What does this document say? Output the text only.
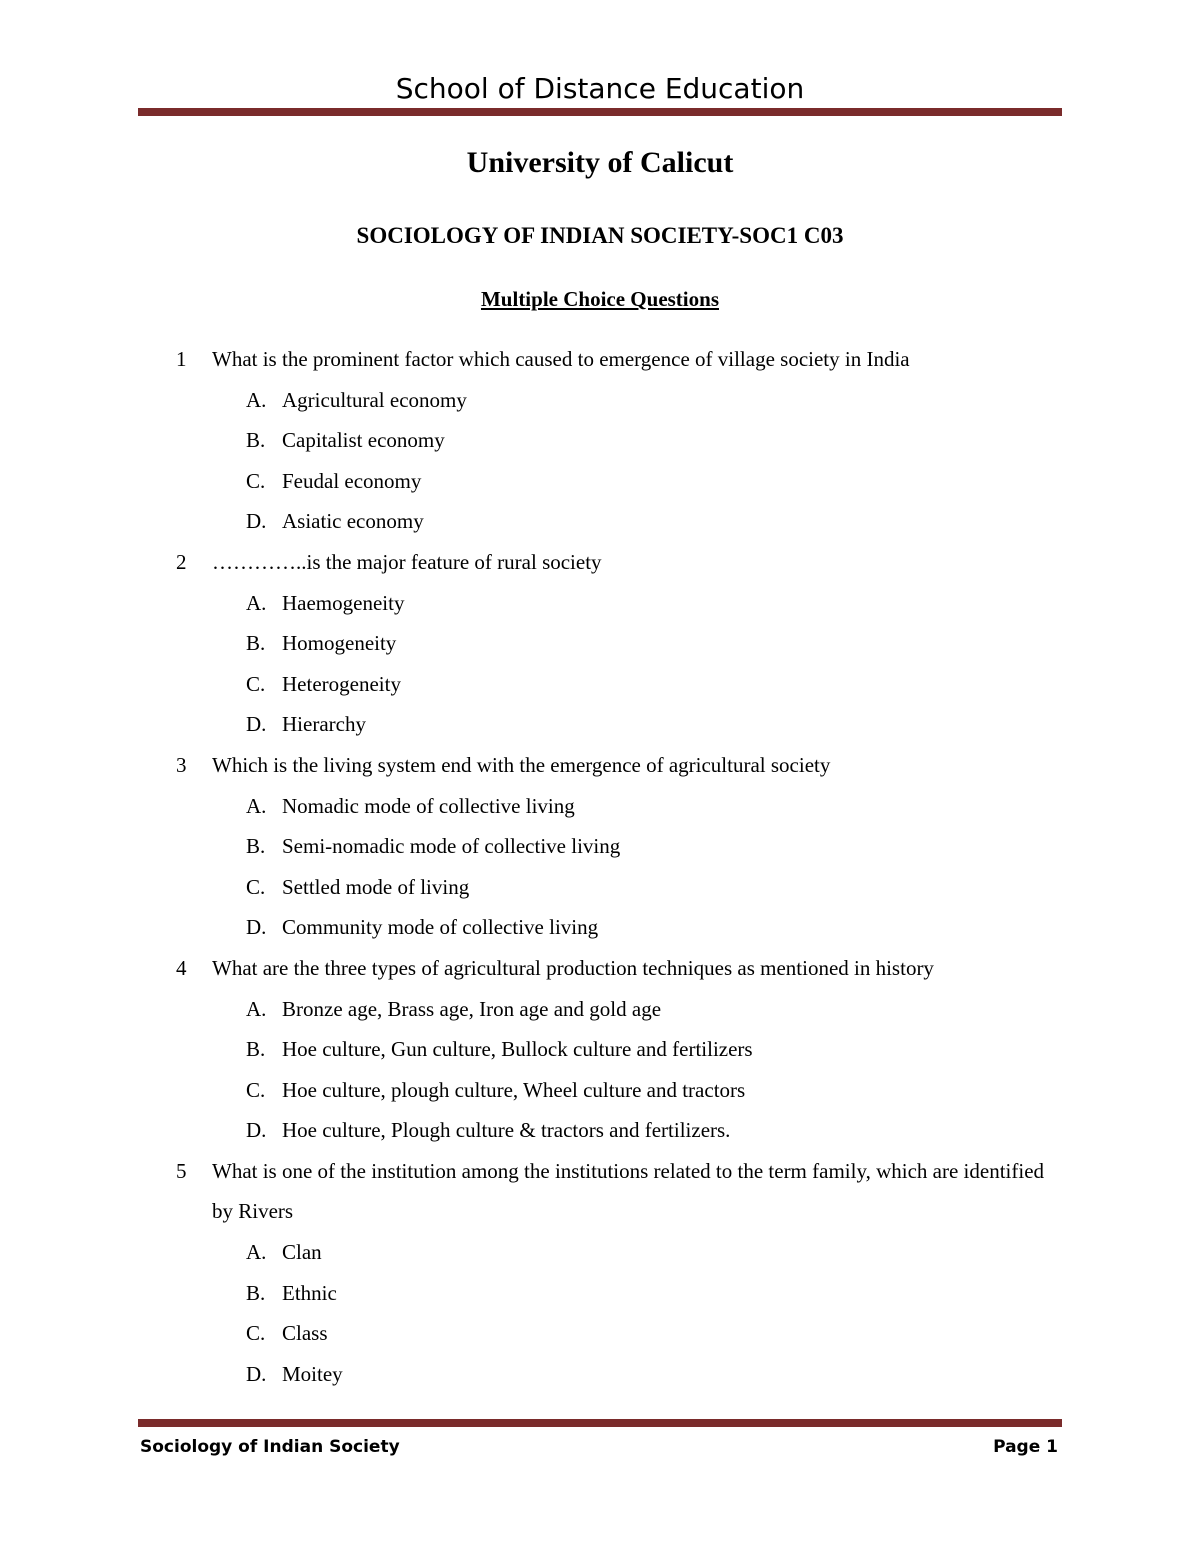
School of Distance Education
University of Calicut
SOCIOLOGY OF INDIAN SOCIETY-SOC1 C03
Multiple Choice Questions
1 What is the prominent factor which caused to emergence of village society in India
A. Agricultural economy
B. Capitalist economy
C. Feudal economy
D. Asiatic economy
2 …………..is the major feature of rural society
A. Haemogeneity
B. Homogeneity
C. Heterogeneity
D. Hierarchy
3 Which is the living system end with the emergence of agricultural society
A. Nomadic mode of collective living
B. Semi-nomadic mode of collective living
C. Settled mode of living
D. Community mode of collective living
4 What are the three types of agricultural production techniques as mentioned in history
A. Bronze age, Brass age, Iron age and gold age
B. Hoe culture, Gun culture, Bullock culture and fertilizers
C. Hoe culture, plough culture, Wheel culture and tractors
D. Hoe culture, Plough culture & tractors and fertilizers.
5 What is one of the institution among the institutions related to the term family, which are identified by Rivers
A. Clan
B. Ethnic
C. Class
D. Moitey
Sociology of Indian Society	Page 1
